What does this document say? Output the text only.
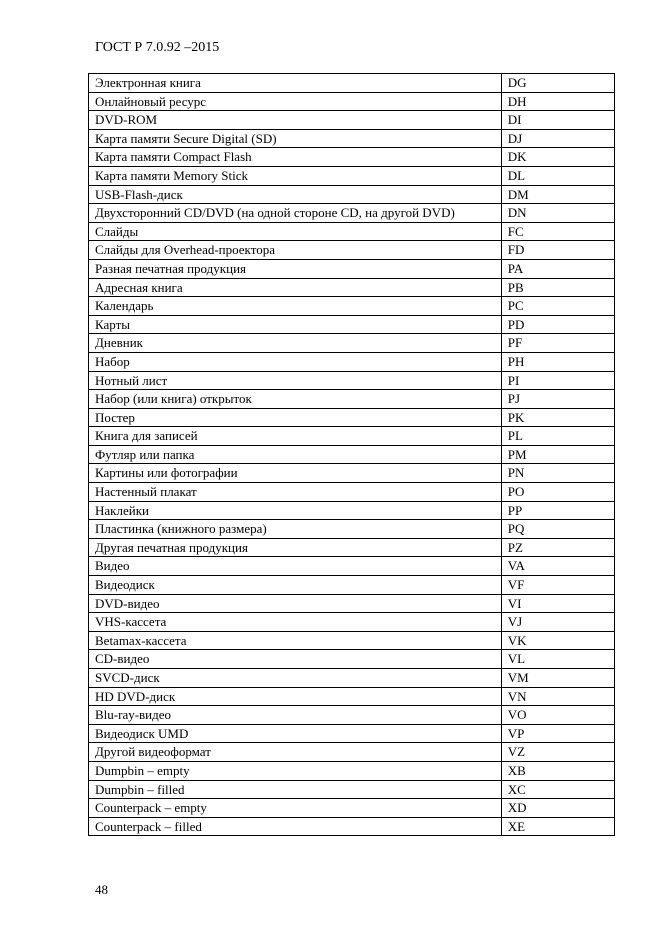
ГОСТ Р 7.0.92 –2015
Электронная книга	DG
Онлайновый ресурс	DH
DVD-ROM	DI
Карта памяти Secure Digital (SD)	DJ
Карта памяти Compact Flash	DK
Карта памяти Memory Stick	DL
USB-Flash-диск	DM
Двухсторонний CD/DVD (на одной стороне CD, на другой DVD)	DN
Слайды	FC
Слайды для Overhead-проектора	FD
Разная печатная продукция	PA
Адресная книга	PB
Календарь	PC
Карты	PD
Дневник	PF
Набор	PH
Нотный лист	PI
Набор (или книга) открыток	PJ
Постер	PK
Книга для записей	PL
Футляр или папка	PM
Картины или фотографии	PN
Настенный плакат	PO
Наклейки	PP
Пластинка (книжного размера)	PQ
Другая печатная продукция	PZ
Видео	VA
Видеодиск	VF
DVD-видео	VI
VHS-кассета	VJ
Betamax-кассета	VK
CD-видео	VL
SVCD-диск	VM
HD DVD-диск	VN
Blu-ray-видео	VO
Видеодиск UMD	VP
Другой видеоформат	VZ
Dumpbin – empty	XB
Dumpbin – filled	XC
Counterpack – empty	XD
Counterpack – filled	XE
48
